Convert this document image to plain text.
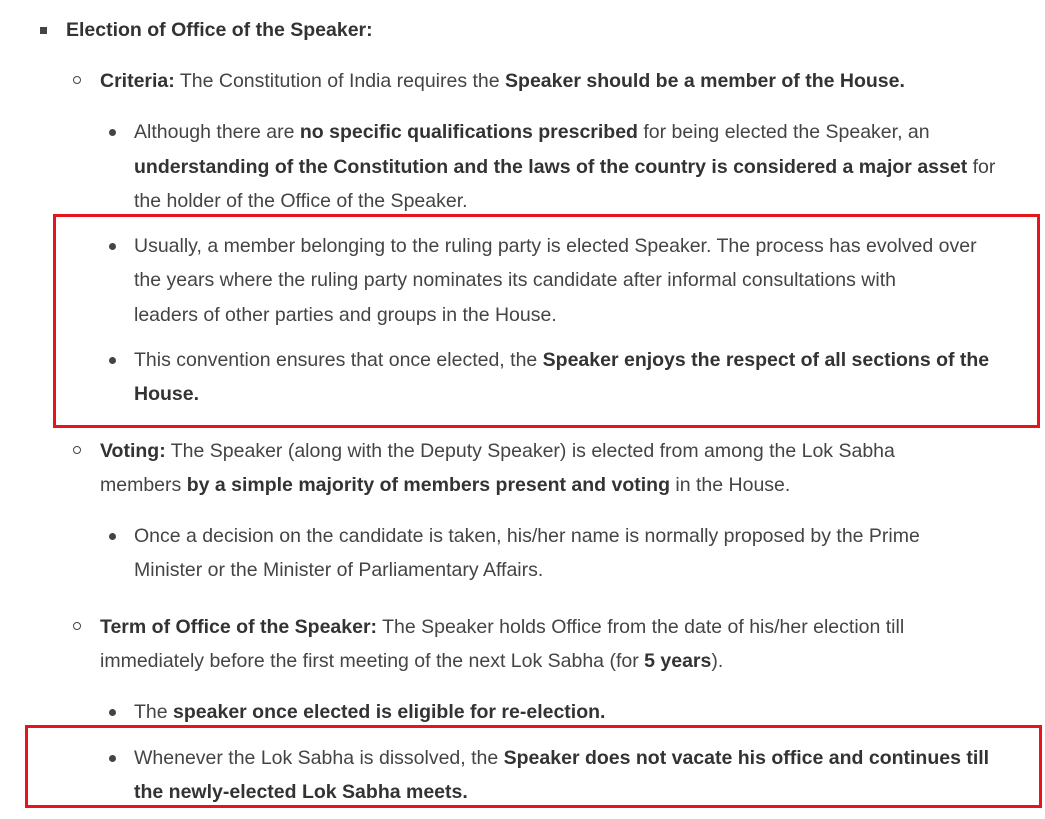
Election of Office of the Speaker:
Criteria: The Constitution of India requires the Speaker should be a member of the House.
Although there are no specific qualifications prescribed for being elected the Speaker, an
understanding of the Constitution and the laws of the country is considered a major asset for
the holder of the Office of the Speaker.
Usually, a member belonging to the ruling party is elected Speaker. The process has evolved over
the years where the ruling party nominates its candidate after informal consultations with
leaders of other parties and groups in the House.
This convention ensures that once elected, the Speaker enjoys the respect of all sections of the
House.
Voting: The Speaker (along with the Deputy Speaker) is elected from among the Lok Sabha
members by a simple majority of members present and voting in the House.
Once a decision on the candidate is taken, his/her name is normally proposed by the Prime
Minister or the Minister of Parliamentary Affairs.
Term of Office of the Speaker: The Speaker holds Office from the date of his/her election till
immediately before the first meeting of the next Lok Sabha (for 5 years).
The speaker once elected is eligible for re-election.
Whenever the Lok Sabha is dissolved, the Speaker does not vacate his office and continues till
the newly-elected Lok Sabha meets.
